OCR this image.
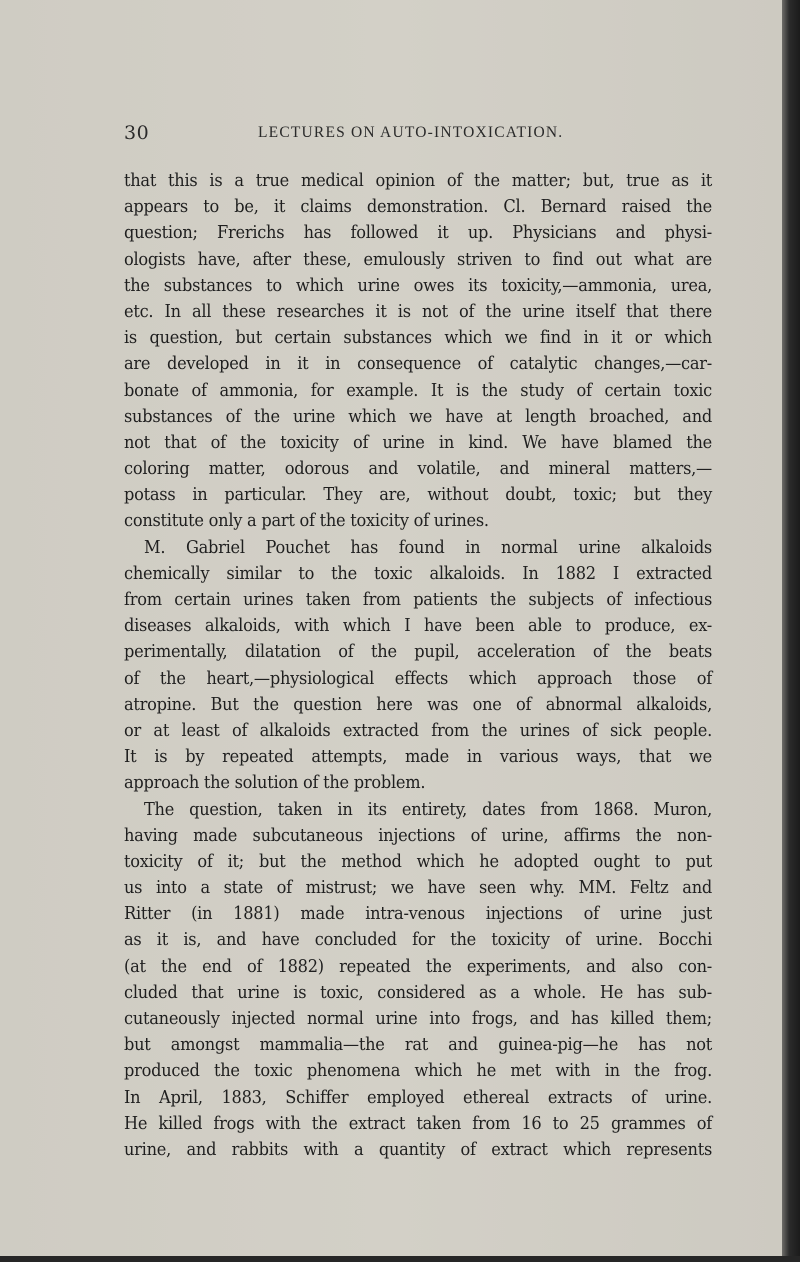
30	LECTURES ON AUTO-INTOXICATION.
that this is a true medical opinion of the matter; but, true as it
appears to be, it claims demonstration. Cl. Bernard raised the
question; Frerichs has followed it up. Physicians and physi-
ologists have, after these, emulously striven to find out what are
the substances to which urine owes its toxicity,—ammonia, urea,
etc. In all these researches it is not of the urine itself that there
is question, but certain substances which we find in it or which
are developed in it in consequence of catalytic changes,—car-
bonate of ammonia, for example. It is the study of certain toxic
substances of the urine which we have at length broached, and
not that of the toxicity of urine in kind. We have blamed the
coloring matter, odorous and volatile, and mineral matters,—
potass in particular. They are, without doubt, toxic; but they
constitute only a part of the toxicity of urines.
M. Gabriel Pouchet has found in normal urine alkaloids
chemically similar to the toxic alkaloids. In 1882 I extracted
from certain urines taken from patients the subjects of infectious
diseases alkaloids, with which I have been able to produce, ex-
perimentally, dilatation of the pupil, acceleration of the beats
of the heart,—physiological effects which approach those of
atropine. But the question here was one of abnormal alkaloids,
or at least of alkaloids extracted from the urines of sick people.
It is by repeated attempts, made in various ways, that we
approach the solution of the problem.
The question, taken in its entirety, dates from 1868. Muron,
having made subcutaneous injections of urine, affirms the non-
toxicity of it; but the method which he adopted ought to put
us into a state of mistrust; we have seen why. MM. Feltz and
Ritter (in 1881) made intra-venous injections of urine just
as it is, and have concluded for the toxicity of urine. Bocchi
(at the end of 1882) repeated the experiments, and also con-
cluded that urine is toxic, considered as a whole. He has sub-
cutaneously injected normal urine into frogs, and has killed them;
but amongst mammalia—the rat and guinea-pig—he has not
produced the toxic phenomena which he met with in the frog.
In April, 1883, Schiffer employed ethereal extracts of urine.
He killed frogs with the extract taken from 16 to 25 grammes of
urine, and rabbits with a quantity of extract which represents
